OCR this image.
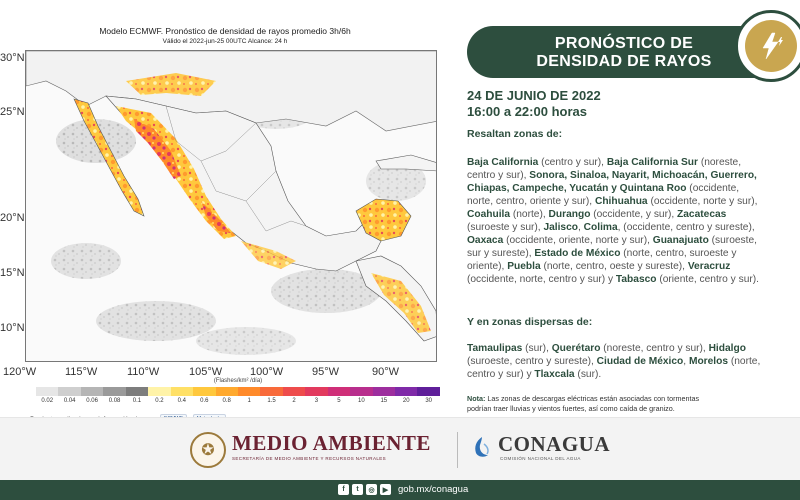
Modelo ECMWF. Pronóstico de densidad de rayos promedio 3h/6h
Válido el 2022-jun-25 00UTC Alcance: 24 h
30°N
25°N
20°N
15°N
10°N
120°W	115°W	110°W	105°W	100°W	95°W	90°W
(Flashes/km² /día)
0.02	0.04	0.06	0.08	0.1	0.2	0.4	0.6	0.8	1	1.5	2	3	5	10	15	20	30
PRONÓSTICO DE
DENSIDAD DE RAYOS
24 DE JUNIO DE 2022
16:00 a 22:00 horas
Resaltan zonas de:
Baja California (centro y sur), Baja California Sur (noreste,
centro y sur), Sonora, Sinaloa, Nayarit, Michoacán, Guerrero,
Chiapas, Campeche, Yucatán y Quintana Roo (occidente,
norte, centro, oriente y sur), Chihuahua (occidente, norte y sur),
Coahuila (norte), Durango (occidente, y sur), Zacatecas
(suroeste y sur), Jalisco, Colima, (occidente, centro y sureste),
Oaxaca (occidente, oriente, norte y sur), Guanajuato (suroeste,
sur y sureste), Estado de México (norte, centro, suroeste y
oriente), Puebla (norte, centro, oeste y sureste), Veracruz
(occidente, norte, centro y sur) y Tabasco (oriente, centro y sur).
Y en zonas dispersas de:
Tamaulipas (sur), Querétaro (noreste, centro y sur), Hidalgo
(suroeste, centro y sureste), Ciudad de México, Morelos (norte,
centro y sur) y Tlaxcala (sur).
Nota: Las zonas de descargas eléctricas están asociadas con tormentas
podrían traer lluvias y vientos fuertes, así como caída de granizo.
✪ MEDIO AMBIENTE
SECRETARÍA DE MEDIO AMBIENTE Y RECURSOS NATURALES
CONAGUA
COMISIÓN NACIONAL DEL AGUA
f	t	◎	▶ gob.mx/conagua
